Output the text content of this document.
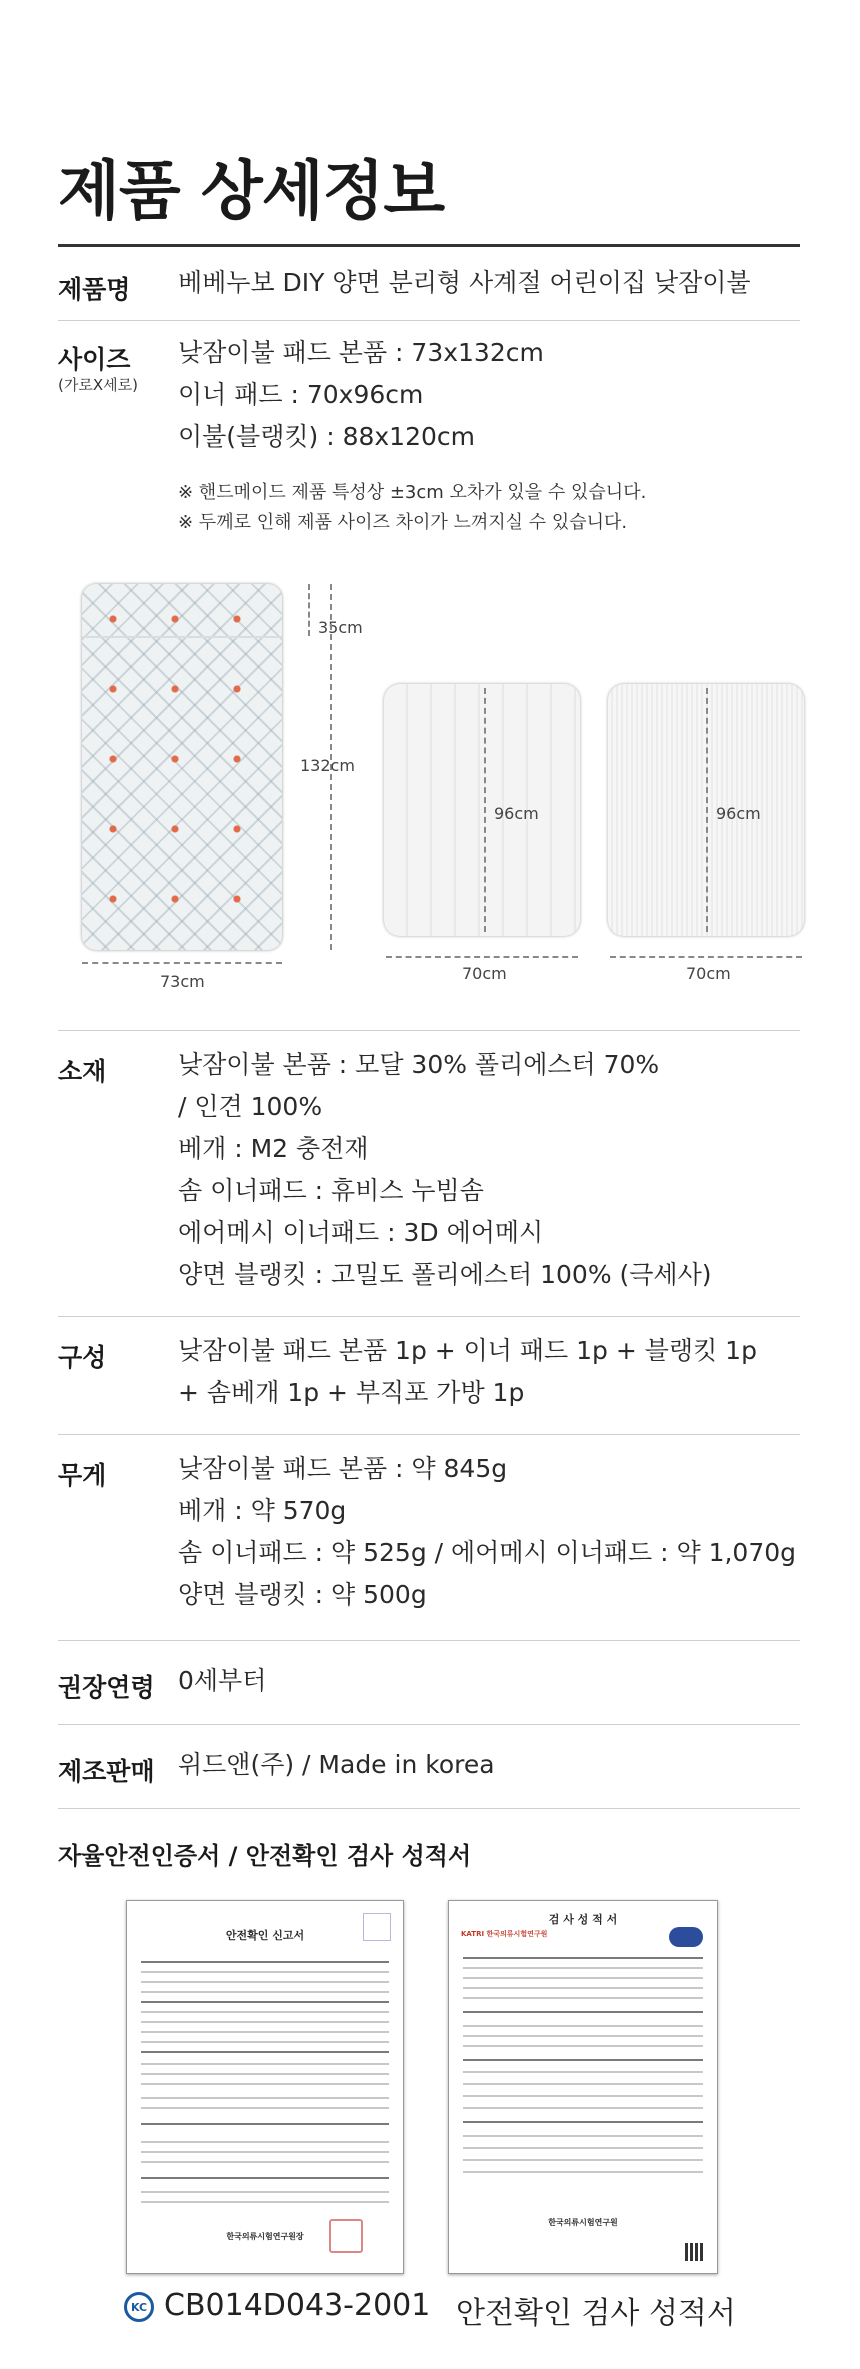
제품 상세정보
제품명 베베누보 DIY 양면 분리형 사계절 어린이집 낮잠이불
사이즈
(가로X세로)
낮잠이불 패드 본품 : 73x132cm
이너 패드 : 70x96cm
이불(블랭킷) : 88x120cm
※ 핸드메이드 제품 특성상 ±3cm 오차가 있을 수 있습니다.
※ 두께로 인해 제품 사이즈 차이가 느껴지실 수 있습니다.
35cm
132cm
73cm
96cm
70cm
96cm
70cm
소재	낮잠이불 본품 : 모달 30% 폴리에스터 70%
/ 인견 100%
베개 : M2 충전재
솜 이너패드 : 휴비스 누빔솜
에어메시 이너패드 : 3D 에어메시
양면 블랭킷 : 고밀도 폴리에스터 100% (극세사)
구성	낮잠이불 패드 본품 1p + 이너 패드 1p + 블랭킷 1p
+ 솜베개 1p + 부직포 가방 1p
무게	낮잠이불 패드 본품 : 약 845g
베개 : 약 570g
솜 이너패드 : 약 525g / 에어메시 이너패드 : 약 1,070g
양면 블랭킷 : 약 500g
권장연령 0세부터
제조판매 위드앤(주) / Made in korea
자율안전인증서 / 안전확인 검사 성적서
안전확인 신고서
한국의류시험연구원장
검 사 성 적 서
KATRI 한국의류시험연구원
한국의류시험연구원
KC CB014D043-2001 안전확인 검사 성적서
